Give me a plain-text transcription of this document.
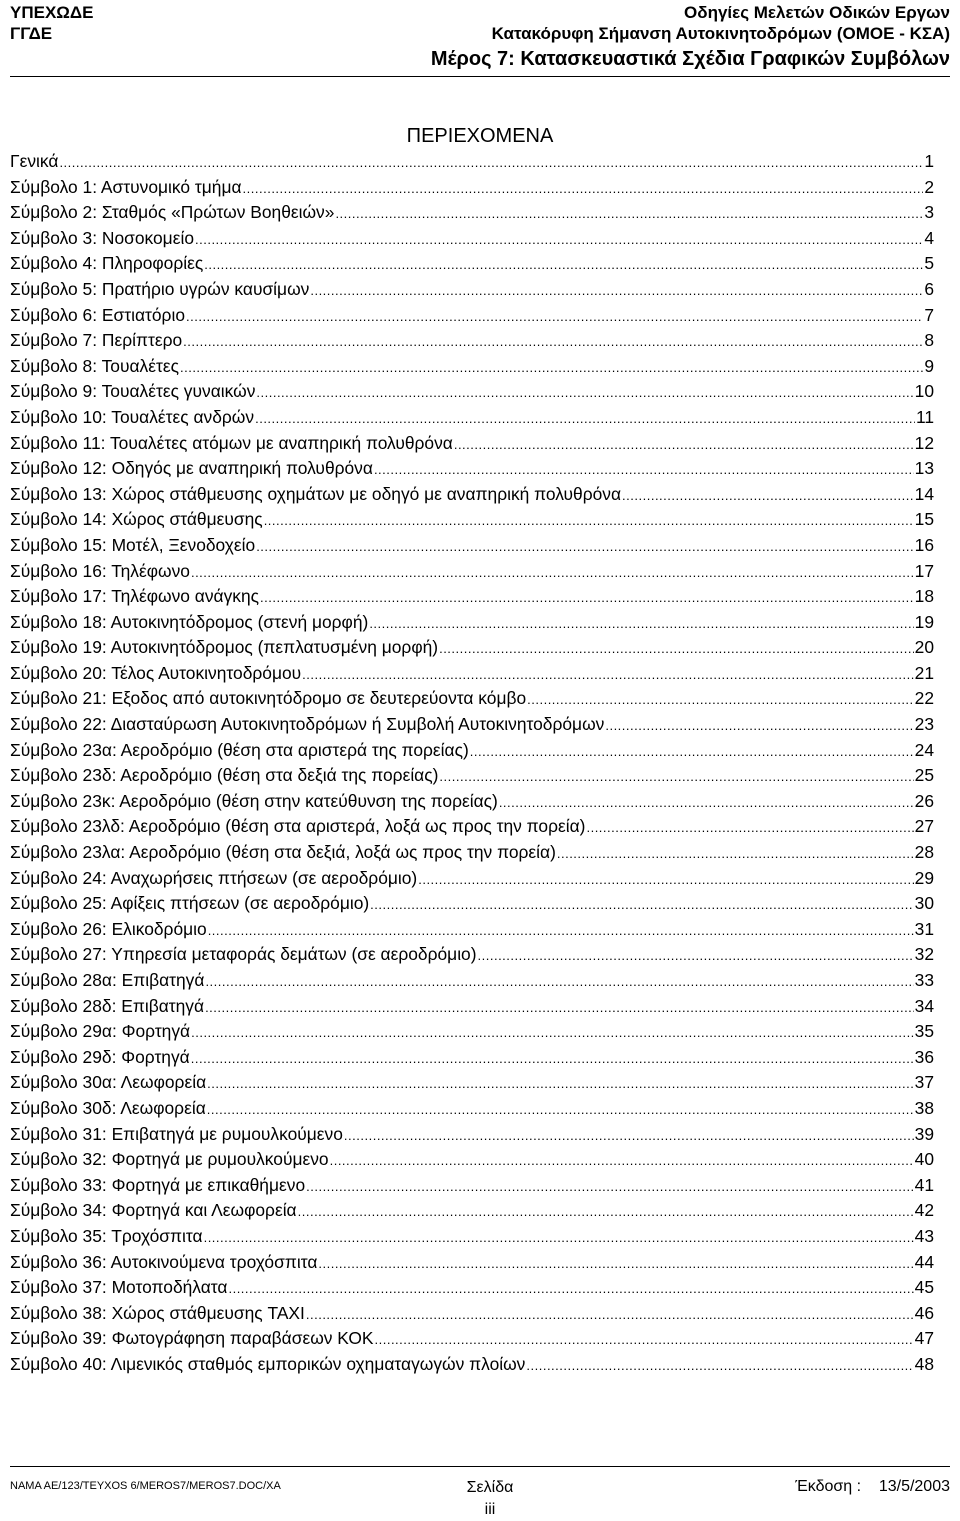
ΥΠΕΧΩΔΕ
ΓΓΔΕ
Οδηγίες Μελετών Οδικών Εργων
Κατακόρυφη Σήμανση Αυτοκινητοδρόμων (ΟΜΟΕ - ΚΣΑ)
Μέρος 7: Κατασκευαστικά Σχέδια Γραφικών Συμβόλων
ΠΕΡΙΕΧΟΜΕΝΑ
Γενικά .....	1
Σύμβολο 1: Αστυνομικό τμήμα .....	2
Σύμβολο 2: Σταθμός «Πρώτων Βοηθειών» .....	3
Σύμβολο 3: Νοσοκομείο .....	4
Σύμβολο 4: Πληροφορίες .....	5
Σύμβολο 5: Πρατήριο υγρών καυσίμων .....	6
Σύμβολο 6: Εστιατόριο .....	7
Σύμβολο 7: Περίπτερο .....	8
Σύμβολο 8: Τουαλέτες .....	9
Σύμβολο 9: Τουαλέτες γυναικών .....	10
Σύμβολο 10: Τουαλέτες ανδρών .....	11
Σύμβολο 11: Τουαλέτες ατόμων με αναπηρική πολυθρόνα .....	12
Σύμβολο 12: Οδηγός με αναπηρική πολυθρόνα .....	13
Σύμβολο 13: Χώρος στάθμευσης οχημάτων με οδηγό με αναπηρική πολυθρόνα .....	14
Σύμβολο 14: Χώρος στάθμευσης .....	15
Σύμβολο 15: Μοτέλ, Ξενοδοχείο .....	16
Σύμβολο 16: Τηλέφωνο .....	17
Σύμβολο 17: Τηλέφωνο ανάγκης .....	18
Σύμβολο 18: Αυτοκινητόδρομος (στενή μορφή) .....	19
Σύμβολο 19: Αυτοκινητόδρομος (πεπλατυσμένη μορφή) .....	20
Σύμβολο 20: Τέλος Αυτοκινητοδρόμου .....	21
Σύμβολο 21: Εξοδος από αυτοκινητόδρομο σε δευτερεύοντα κόμβο .....	22
Σύμβολο 22: Διασταύρωση Αυτοκινητοδρόμων ή Συμβολή Αυτοκινητοδρόμων .....	23
Σύμβολο 23α: Αεροδρόμιο (θέση στα αριστερά της πορείας) .....	24
Σύμβολο 23δ: Αεροδρόμιο (θέση στα δεξιά της πορείας) .....	25
Σύμβολο 23κ: Αεροδρόμιο (θέση στην κατεύθυνση της πορείας) .....	26
Σύμβολο 23λδ: Αεροδρόμιο (θέση στα αριστερά, λοξά ως προς την πορεία) .....	27
Σύμβολο 23λα: Αεροδρόμιο (θέση στα δεξιά, λοξά ως προς την πορεία) .....	28
Σύμβολο 24: Αναχωρήσεις πτήσεων (σε αεροδρόμιο) .....	29
Σύμβολο 25: Αφίξεις πτήσεων (σε αεροδρόμιο) .....	30
Σύμβολο 26: Ελικοδρόμιο .....	31
Σύμβολο 27: Υπηρεσία μεταφοράς δεμάτων (σε αεροδρόμιο) .....	32
Σύμβολο 28α: Επιβατηγά .....	33
Σύμβολο 28δ: Επιβατηγά .....	34
Σύμβολο 29α: Φορτηγά .....	35
Σύμβολο 29δ: Φορτηγά .....	36
Σύμβολο 30α: Λεωφορεία .....	37
Σύμβολο 30δ: Λεωφορεία .....	38
Σύμβολο 31: Επιβατηγά με ρυμουλκούμενο .....	39
Σύμβολο 32: Φορτηγά με ρυμουλκούμενο .....	40
Σύμβολο 33: Φορτηγά με επικαθήμενο .....	41
Σύμβολο 34: Φορτηγά και Λεωφορεία .....	42
Σύμβολο 35: Τροχόσπιτα .....	43
Σύμβολο 36: Αυτοκινούμενα τροχόσπιτα .....	44
Σύμβολο 37: Μοτοποδήλατα .....	45
Σύμβολο 38: Χώρος στάθμευσης TAXI .....	46
Σύμβολο 39: Φωτογράφηση παραβάσεων ΚΟΚ .....	47
Σύμβολο 40: Λιμενικός σταθμός εμπορικών οχηματαγωγών πλοίων .....	48
NAMA AE/123/TEYXOS 6/MEROS7/MEROS7.DOC/XA	Σελίδα
iii
Έκδοση :    13/5/2003
